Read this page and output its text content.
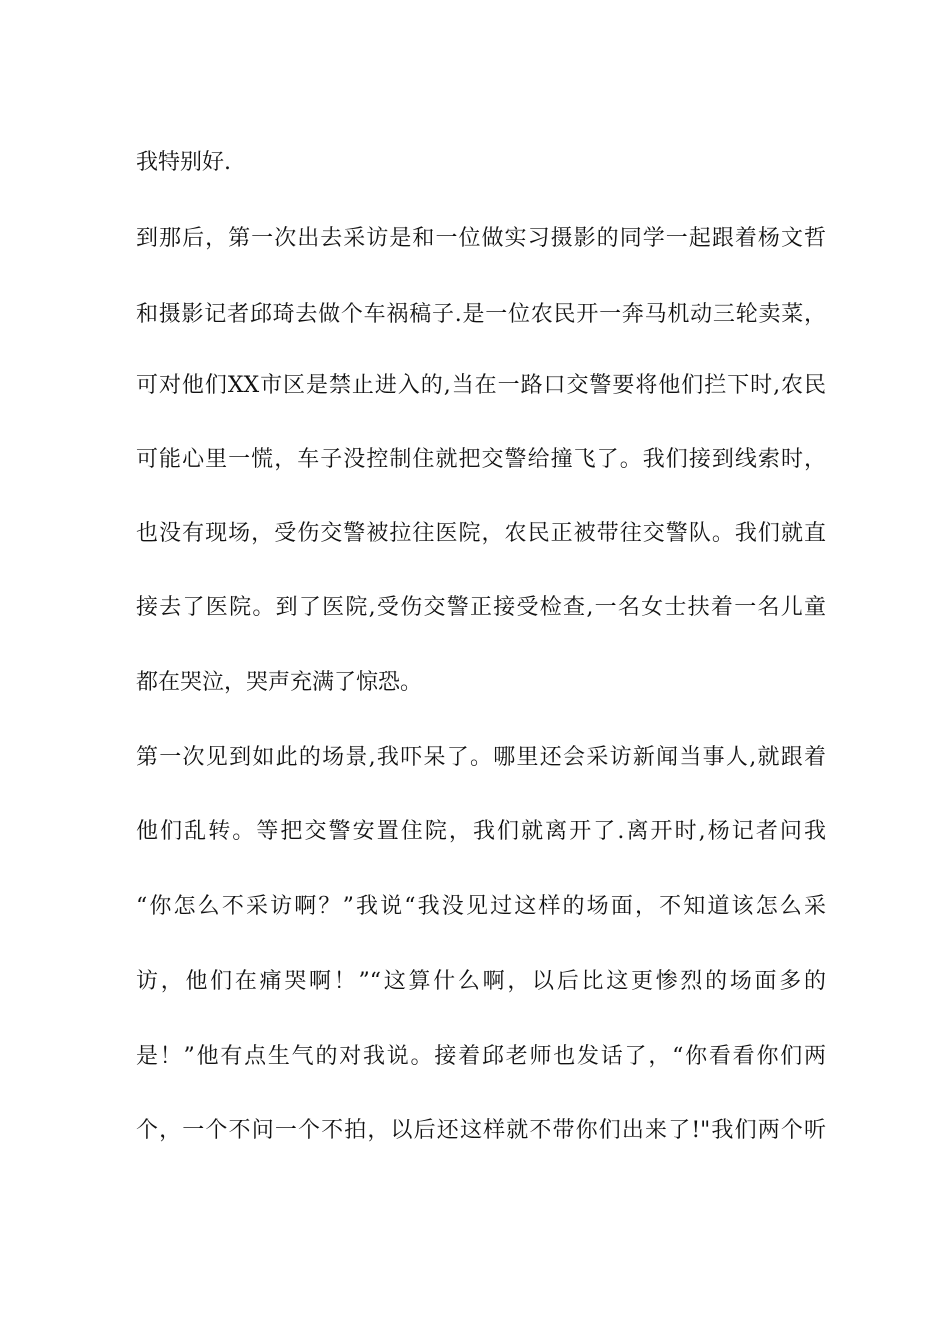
我特别好.
到那后，第一次出去采访是和一位做实习摄影的同学一起跟着杨文哲
和摄影记者邱琦去做个车祸稿子.是一位农民开一奔马机动三轮卖菜，
可对他们XX市区是禁止进入的,当在一路口交警要将他们拦下时,农民
可能心里一慌，车子没控制住就把交警给撞飞了。我们接到线索时，
也没有现场，受伤交警被拉往医院，农民正被带往交警队。我们就直
接去了医院。到了医院,受伤交警正接受检查,一名女士扶着一名儿童
都在哭泣，哭声充满了惊恐。
第一次见到如此的场景,我吓呆了。哪里还会采访新闻当事人,就跟着
他们乱转。等把交警安置住院，我们就离开了.离开时,杨记者问我
“你怎么不采访啊？”我说“我没见过这样的场面，不知道该怎么采
访，他们在痛哭啊！”“这算什么啊，以后比这更惨烈的场面多的
是！”他有点生气的对我说。接着邱老师也发话了，“你看看你们两
个，一个不问一个不拍，以后还这样就不带你们出来了!"我们两个听
